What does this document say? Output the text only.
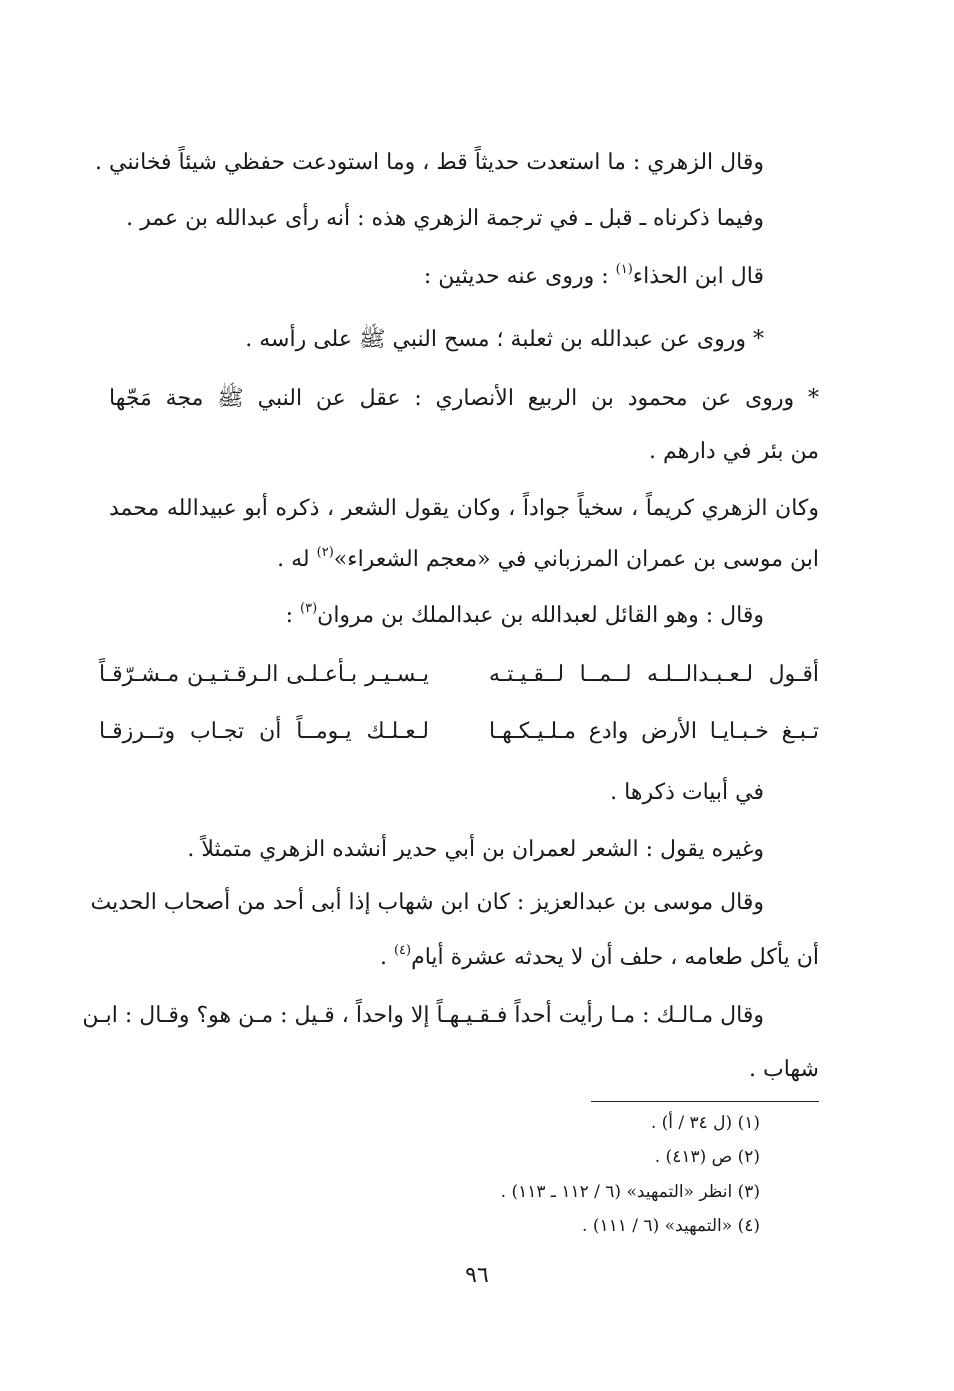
وقال الزهري : ما استعدت حديثاً قط ، وما استودعت حفظي شيئاً فخانني .
وفيما ذكرناه ـ قبل ـ في ترجمة الزهري هذه : أنه رأى عبدالله بن عمر .
قال ابن الحذاء$^{(١)}$ : وروى عنه حديثين :
* وروى عن عبدالله بن ثعلبة ؛ مسح النبي ﷺ على رأسه .
* وروى عن محمود بن الربيع الأنصاري : عقل عن النبي ﷺ مجة مَجّها
من بئر في دارهم .
وكان الزهري كريماً ، سخياً جواداً ، وكان يقول الشعر ، ذكره أبو عبيدالله محمد
ابن موسى بن عمران المرزباني في «معجم الشعراء»$^{(٢)}$ له .
وقال : وهو القائل لعبدالله بن عبدالملك بن مروان$^{(٣)}$ :
أقـول لـعـبـدالــلـه لــمــا لــقـيـتـه
يـسـيـر بـأعـلـى الـرقـتـيـن مـشـرّقـاً
تـبـغ خـبـايـا الأرض وادع مـلـيـكـهـا
لـعـلـك يـومــاً أن تجـاب وتــرزقـا
في أبيات ذكرها .
وغيره يقول : الشعر لعمران بن أبي حدير أنشده الزهري متمثلاً .
وقال موسى بن عبدالعزيز : كان ابن شهاب إذا أبى أحد من أصحاب الحديث
أن يأكل طعامه ، حلف أن لا يحدثه عشرة أيام$^{(٤)}$ .
وقال مـالـك : مـا رأيت أحداً فـقـيـهـاً إلا واحداً ، قـيل : مـن هو؟ وقـال : ابـن
شهاب .
(١) (ل ٣٤ / أ) .
(٢) ص (٤١٣) .
(٣) انظر «التمهيد» (٦ / ١١٢ ـ ١١٣) .
(٤) «التمهيد» (٦ / ١١١) .
٩٦
